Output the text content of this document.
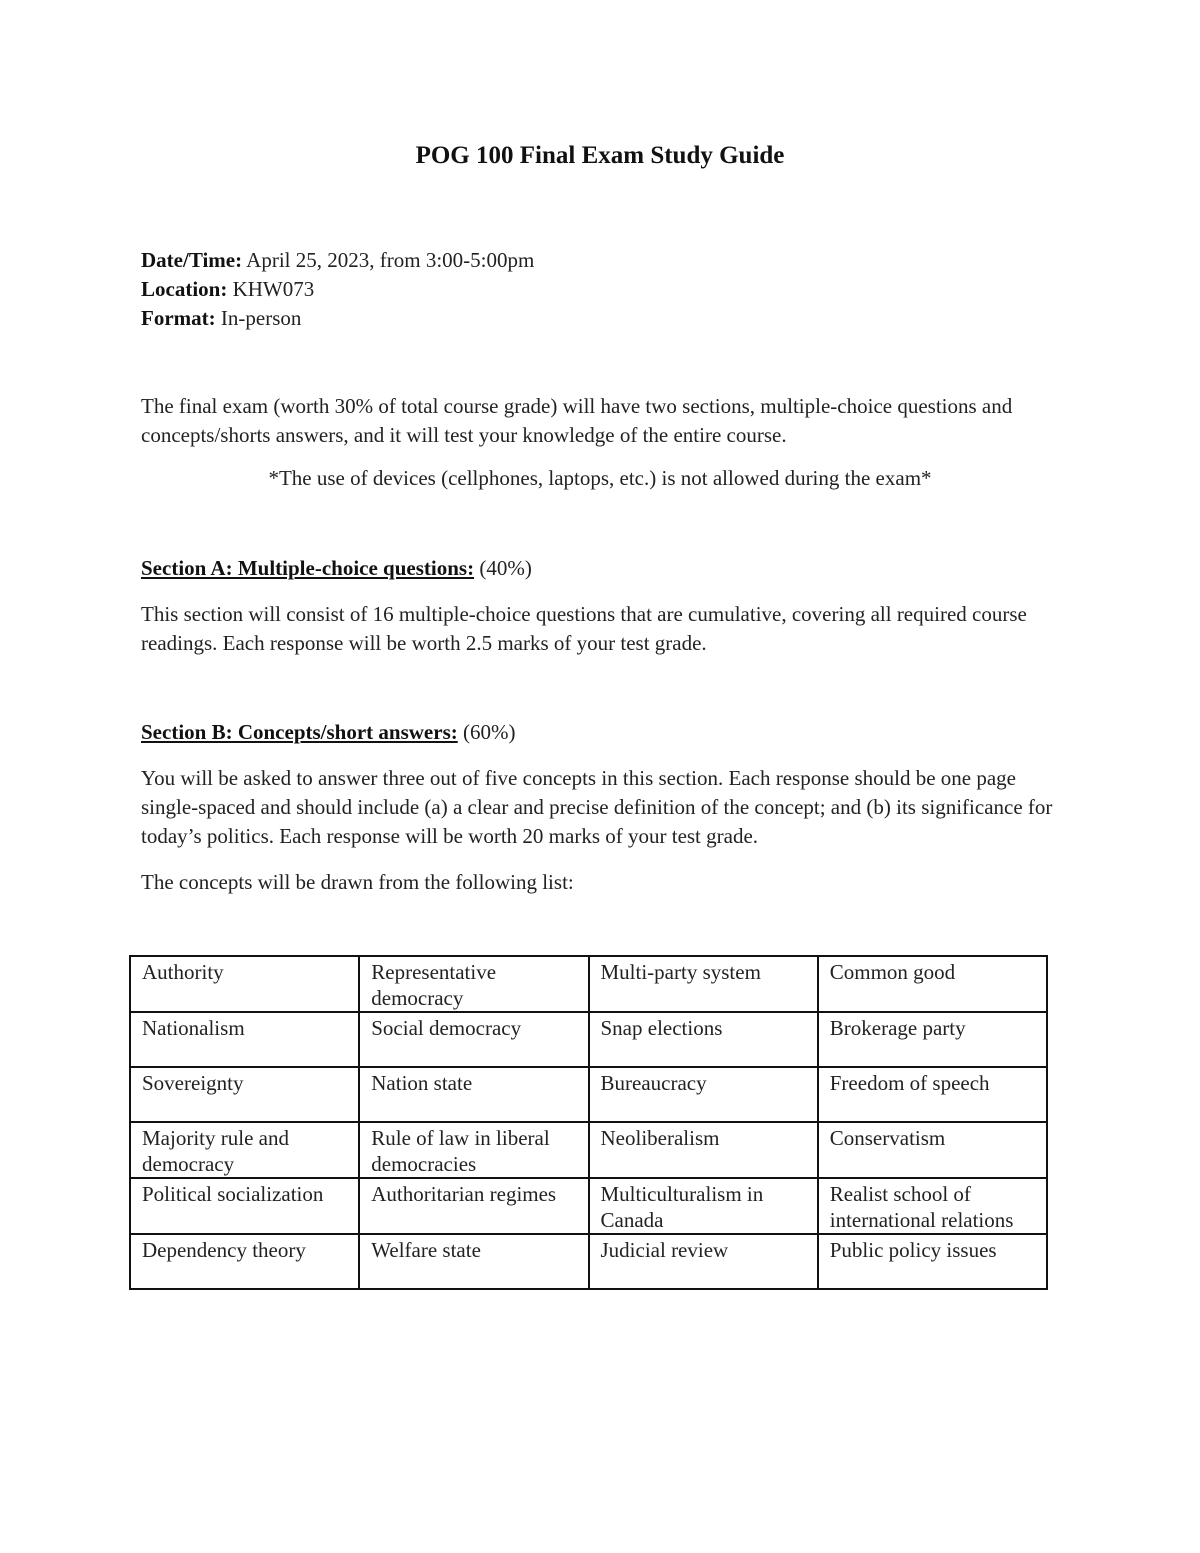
POG 100 Final Exam Study Guide
Date/Time: April 25, 2023, from 3:00-5:00pm
Location: KHW073
Format: In-person
The final exam (worth 30% of total course grade) will have two sections, multiple-choice questions and concepts/shorts answers, and it will test your knowledge of the entire course.
*The use of devices (cellphones, laptops, etc.) is not allowed during the exam*
Section A: Multiple-choice questions: (40%)
This section will consist of 16 multiple-choice questions that are cumulative, covering all required course readings. Each response will be worth 2.5 marks of your test grade.
Section B: Concepts/short answers: (60%)
You will be asked to answer three out of five concepts in this section. Each response should be one page single-spaced and should include (a) a clear and precise definition of the concept; and (b) its significance for today’s politics. Each response will be worth 20 marks of your test grade.
The concepts will be drawn from the following list:
Authority	Representative democracy	Multi-party system	Common good
Nationalism	Social democracy	Snap elections	Brokerage party
Sovereignty	Nation state	Bureaucracy	Freedom of speech
Majority rule and democracy	Rule of law in liberal democracies	Neoliberalism	Conservatism
Political socialization	Authoritarian regimes	Multiculturalism in Canada	Realist school of international relations
Dependency theory	Welfare state	Judicial review	Public policy issues
